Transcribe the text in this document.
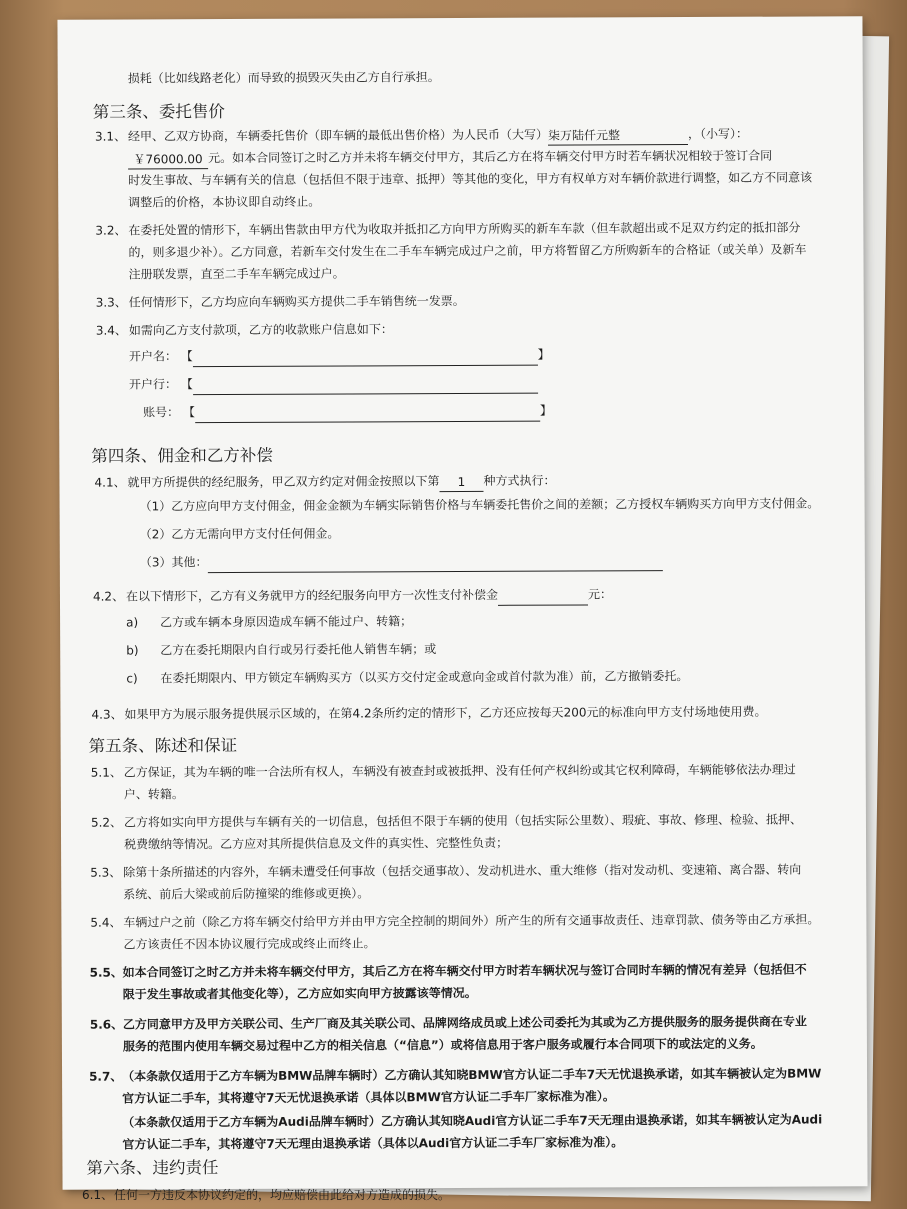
损耗（比如线路老化）而导致的损毁灭失由乙方自行承担。
第三条、委托售价
3.1、 经甲、乙双方协商，车辆委托售价（即车辆的最低出售价格）为人民币（大写）柒万陆仟元整	，（小写）：
￥76000.00 元。如本合同签订之时乙方并未将车辆交付甲方，其后乙方在将车辆交付甲方时若车辆状况相较于签订合同
时发生事故、与车辆有关的信息（包括但不限于违章、抵押）等其他的变化，甲方有权单方对车辆价款进行调整，如乙方不同意该
调整后的价格，本协议即自动终止。
3.2、 在委托处置的情形下，车辆出售款由甲方代为收取并抵扣乙方向甲方所购买的新车车款（但车款超出或不足双方约定的抵扣部分
的，则多退少补）。乙方同意，若新车交付发生在二手车车辆完成过户之前，甲方将暂留乙方所购新车的合格证（或关单）及新车
注册联发票，直至二手车车辆完成过户。
3.3、 任何情形下，乙方均应向车辆购买方提供二手车销售统一发票。
3.4、 如需向乙方支付款项，乙方的收款账户信息如下：
开户名： 【	】
开户行： 【
账号： 【	】
第四条、佣金和乙方补偿
4.1、 就甲方所提供的经纪服务，甲乙双方约定对佣金按照以下第 1 种方式执行：
（1）乙方应向甲方支付佣金，佣金金额为车辆实际销售价格与车辆委托售价之间的差额；乙方授权车辆购买方向甲方支付佣金。
（2）乙方无需向甲方支付任何佣金。
（3）其他：
4.2、 在以下情形下，乙方有义务就甲方的经纪服务向甲方一次性支付补偿金	元：
a) 乙方或车辆本身原因造成车辆不能过户、转籍；
b) 乙方在委托期限内自行或另行委托他人销售车辆；或
c) 在委托期限内、甲方锁定车辆购买方（以买方交付定金或意向金或首付款为准）前，乙方撤销委托。
4.3、 如果甲方为展示服务提供展示区域的，在第4.2条所约定的情形下，乙方还应按每天200元的标准向甲方支付场地使用费。
第五条、陈述和保证
5.1、 乙方保证，其为车辆的唯一合法所有权人，车辆没有被查封或被抵押、没有任何产权纠纷或其它权利障碍，车辆能够依法办理过
户、转籍。
5.2、 乙方将如实向甲方提供与车辆有关的一切信息，包括但不限于车辆的使用（包括实际公里数）、瑕疵、事故、修理、检验、抵押、
税费缴纳等情况。乙方应对其所提供信息及文件的真实性、完整性负责；
5.3、 除第十条所描述的内容外，车辆未遭受任何事故（包括交通事故）、发动机进水、重大维修（指对发动机、变速箱、离合器、转向
系统、前后大梁或前后防撞梁的维修或更换）。
5.4、 车辆过户之前（除乙方将车辆交付给甲方并由甲方完全控制的期间外）所产生的所有交通事故责任、违章罚款、债务等由乙方承担。
乙方该责任不因本协议履行完成或终止而终止。
5.5、 如本合同签订之时乙方并未将车辆交付甲方，其后乙方在将车辆交付甲方时若车辆状况与签订合同时车辆的情况有差异（包括但不
限于发生事故或者其他变化等），乙方应如实向甲方披露该等情况。
5.6、 乙方同意甲方及甲方关联公司、生产厂商及其关联公司、品牌网络成员或上述公司委托为其或为乙方提供服务的服务提供商在专业
服务的范围内使用车辆交易过程中乙方的相关信息（“信息”）或将信息用于客户服务或履行本合同项下的或法定的义务。
5.7、 （本条款仅适用于乙方车辆为BMW品牌车辆时）乙方确认其知晓BMW官方认证二手车7天无忧退换承诺，如其车辆被认定为BMW
官方认证二手车，其将遵守7天无忧退换承诺（具体以BMW官方认证二手车厂家标准为准）。
（本条款仅适用于乙方车辆为Audi品牌车辆时）乙方确认其知晓Audi官方认证二手车7天无理由退换承诺，如其车辆被认定为Audi
官方认证二手车，其将遵守7天无理由退换承诺（具体以Audi官方认证二手车厂家标准为准）。
第六条、违约责任
6.1、 任何一方违反本协议约定的，均应赔偿由此给对方造成的损失。
